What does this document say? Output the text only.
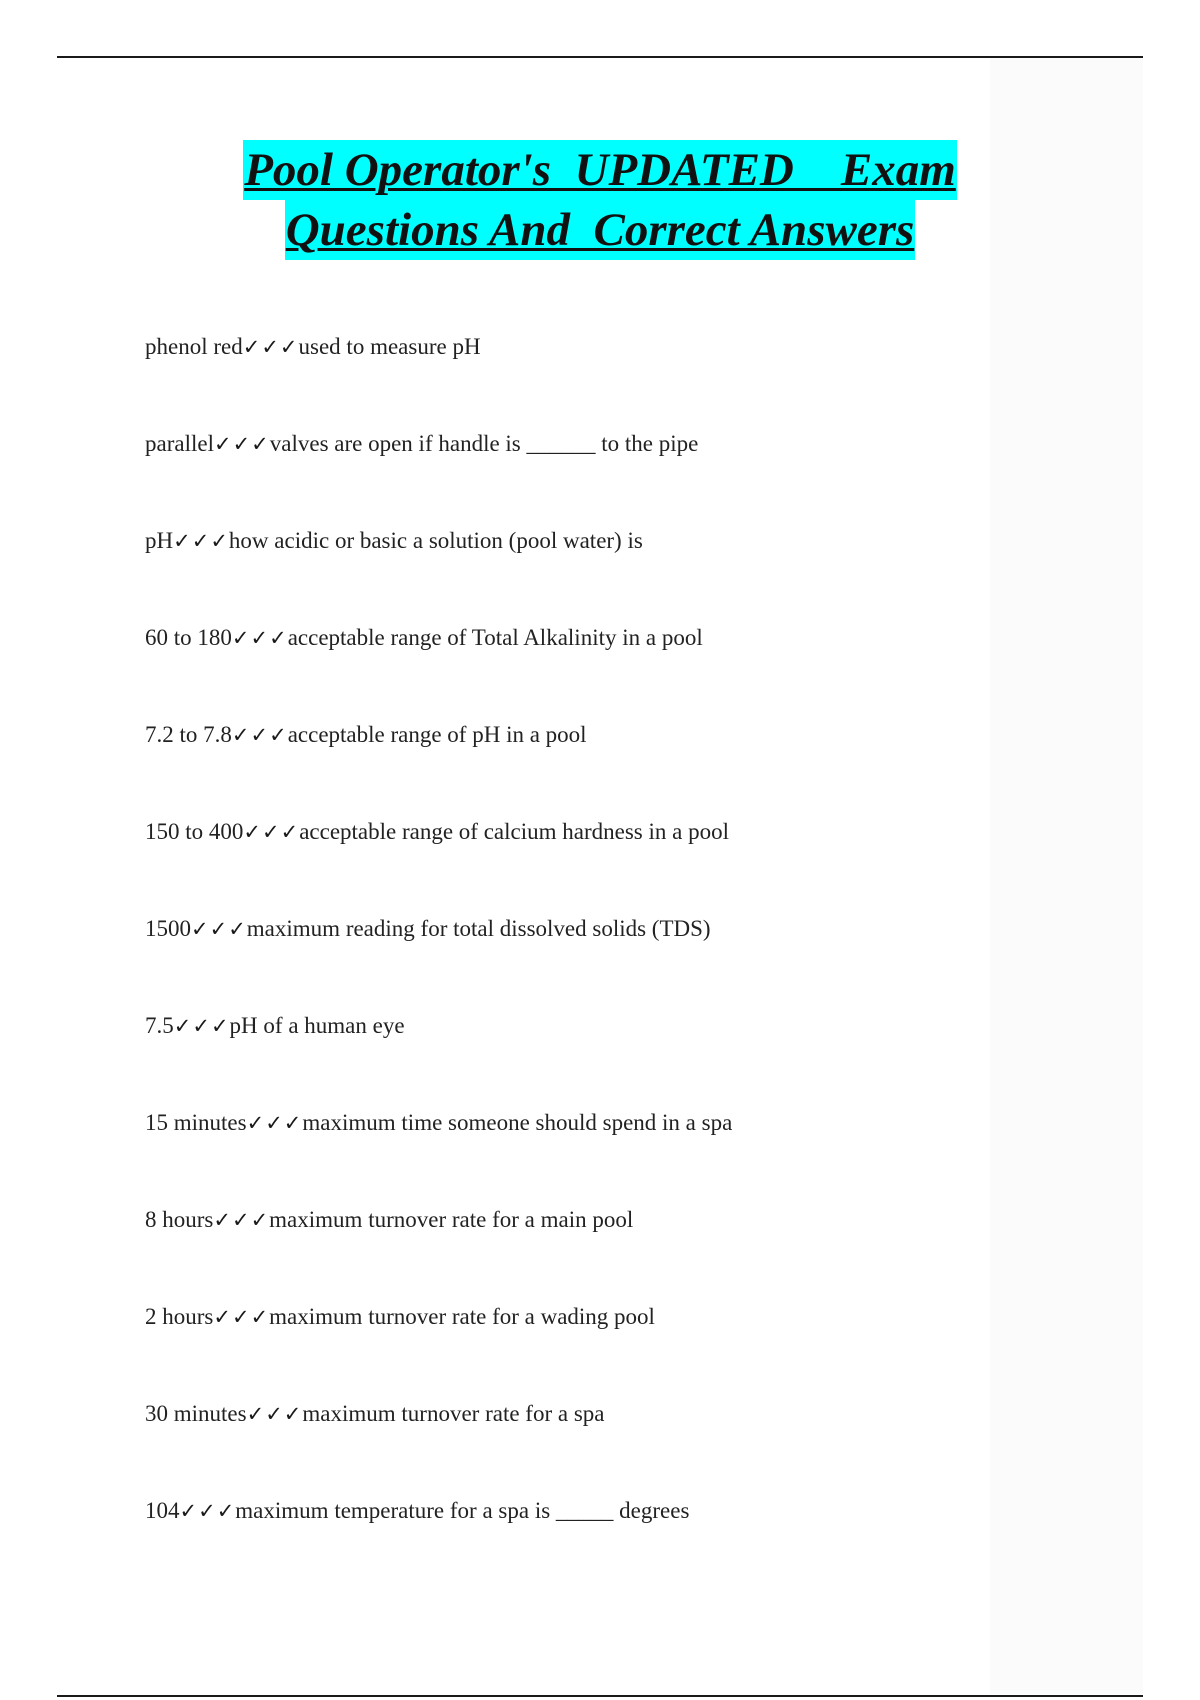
Pool Operator's  UPDATED    Exam
Questions And  Correct Answers
phenol red✓✓✓used to measure pH
parallel✓✓✓valves are open if handle is ______ to the pipe
pH✓✓✓how acidic or basic a solution (pool water) is
60 to 180✓✓✓acceptable range of Total Alkalinity in a pool
7.2 to 7.8✓✓✓acceptable range of pH in a pool
150 to 400✓✓✓acceptable range of calcium hardness in a pool
1500✓✓✓maximum reading for total dissolved solids (TDS)
7.5✓✓✓pH of a human eye
15 minutes✓✓✓maximum time someone should spend in a spa
8 hours✓✓✓maximum turnover rate for a main pool
2 hours✓✓✓maximum turnover rate for a wading pool
30 minutes✓✓✓maximum turnover rate for a spa
104✓✓✓maximum temperature for a spa is _____ degrees
